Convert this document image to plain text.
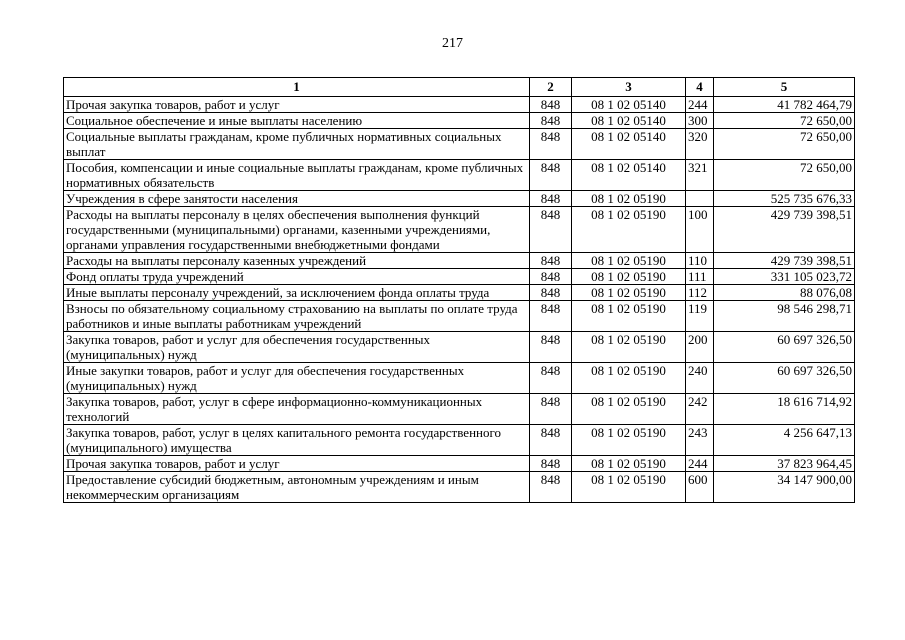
217
1	2	3	4	5
Прочая закупка товаров, работ и услуг	848	08 1 02 05140	244	41 782 464,79
Социальное обеспечение и иные выплаты населению	848	08 1 02 05140	300	72 650,00
Социальные выплаты гражданам, кроме публичных нормативных социальных выплат	848	08 1 02 05140	320	72 650,00
Пособия, компенсации и иные социальные выплаты гражданам, кроме публичных нормативных обязательств	848	08 1 02 05140	321	72 650,00
Учреждения в сфере занятости населения	848	08 1 02 05190		525 735 676,33
Расходы на выплаты персоналу в целях обеспечения выполнения функций государственными (муниципальными) органами, казенными учреждениями, органами управления государственными внебюджетными фондами	848	08 1 02 05190	100	429 739 398,51
Расходы на выплаты персоналу казенных учреждений	848	08 1 02 05190	110	429 739 398,51
Фонд оплаты труда учреждений	848	08 1 02 05190	111	331 105 023,72
Иные выплаты персоналу учреждений, за исключением фонда оплаты труда	848	08 1 02 05190	112	88 076,08
Взносы по обязательному социальному страхованию на выплаты по оплате труда работников и иные выплаты работникам учреждений	848	08 1 02 05190	119	98 546 298,71
Закупка товаров, работ и услуг для обеспечения государственных (муниципальных) нужд	848	08 1 02 05190	200	60 697 326,50
Иные закупки товаров, работ и услуг для обеспечения государственных (муниципальных) нужд	848	08 1 02 05190	240	60 697 326,50
Закупка товаров, работ, услуг в сфере информационно-коммуникационных технологий	848	08 1 02 05190	242	18 616 714,92
Закупка товаров, работ, услуг в целях капитального ремонта государственного (муниципального) имущества	848	08 1 02 05190	243	4 256 647,13
Прочая закупка товаров, работ и услуг	848	08 1 02 05190	244	37 823 964,45
Предоставление субсидий бюджетным, автономным учреждениям и иным некоммерческим организациям	848	08 1 02 05190	600	34 147 900,00
